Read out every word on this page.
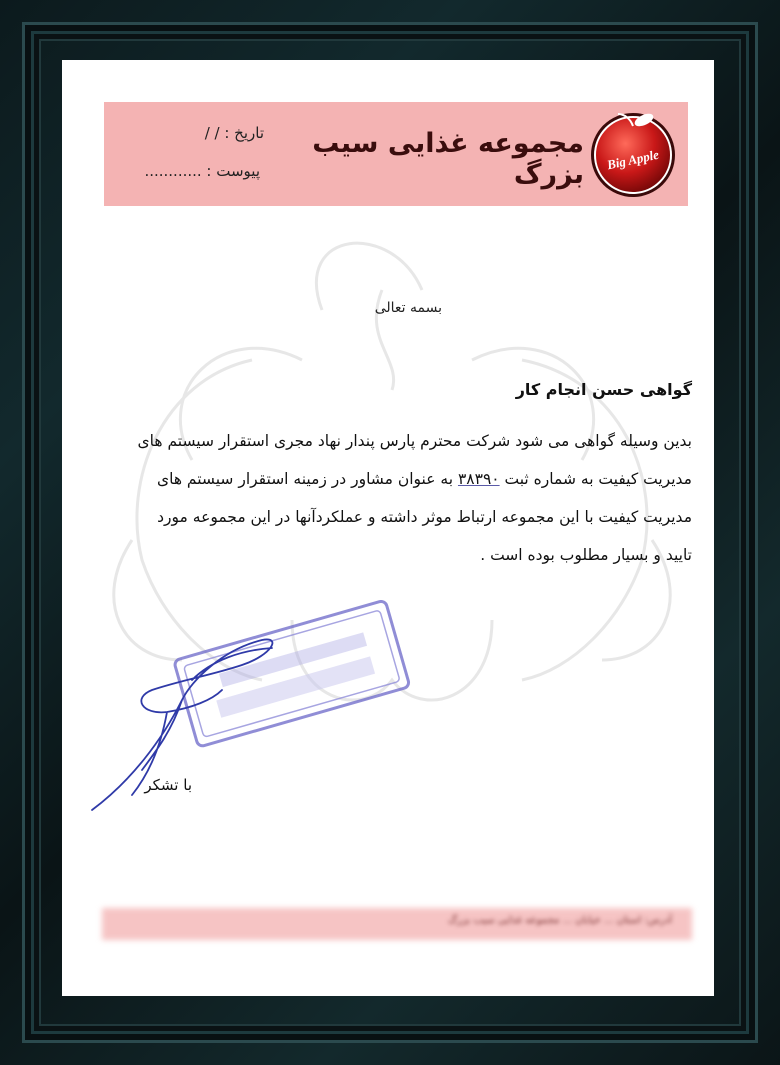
Big Apple
مجموعه غذایی سیب بزرگ
تاریخ : / /
پیوست : ............
بسمه تعالی
گواهی حسن انجام کار
بدین وسیله گواهی می شود شرکت محترم پارس پندار نهاد مجری استقرار سیستم های
مدیریت کیفیت به شماره ثبت ۳۸۳۹۰ به عنوان مشاور در زمینه استقرار سیستم های
مدیریت کیفیت با این مجموعه ارتباط موثر داشته و عملکردآنها در این مجموعه مورد
تایید و بسیار مطلوب بوده است .
با تشکر
آدرس: استان ... خیابان ... مجموعه غذایی سیب بزرگ
